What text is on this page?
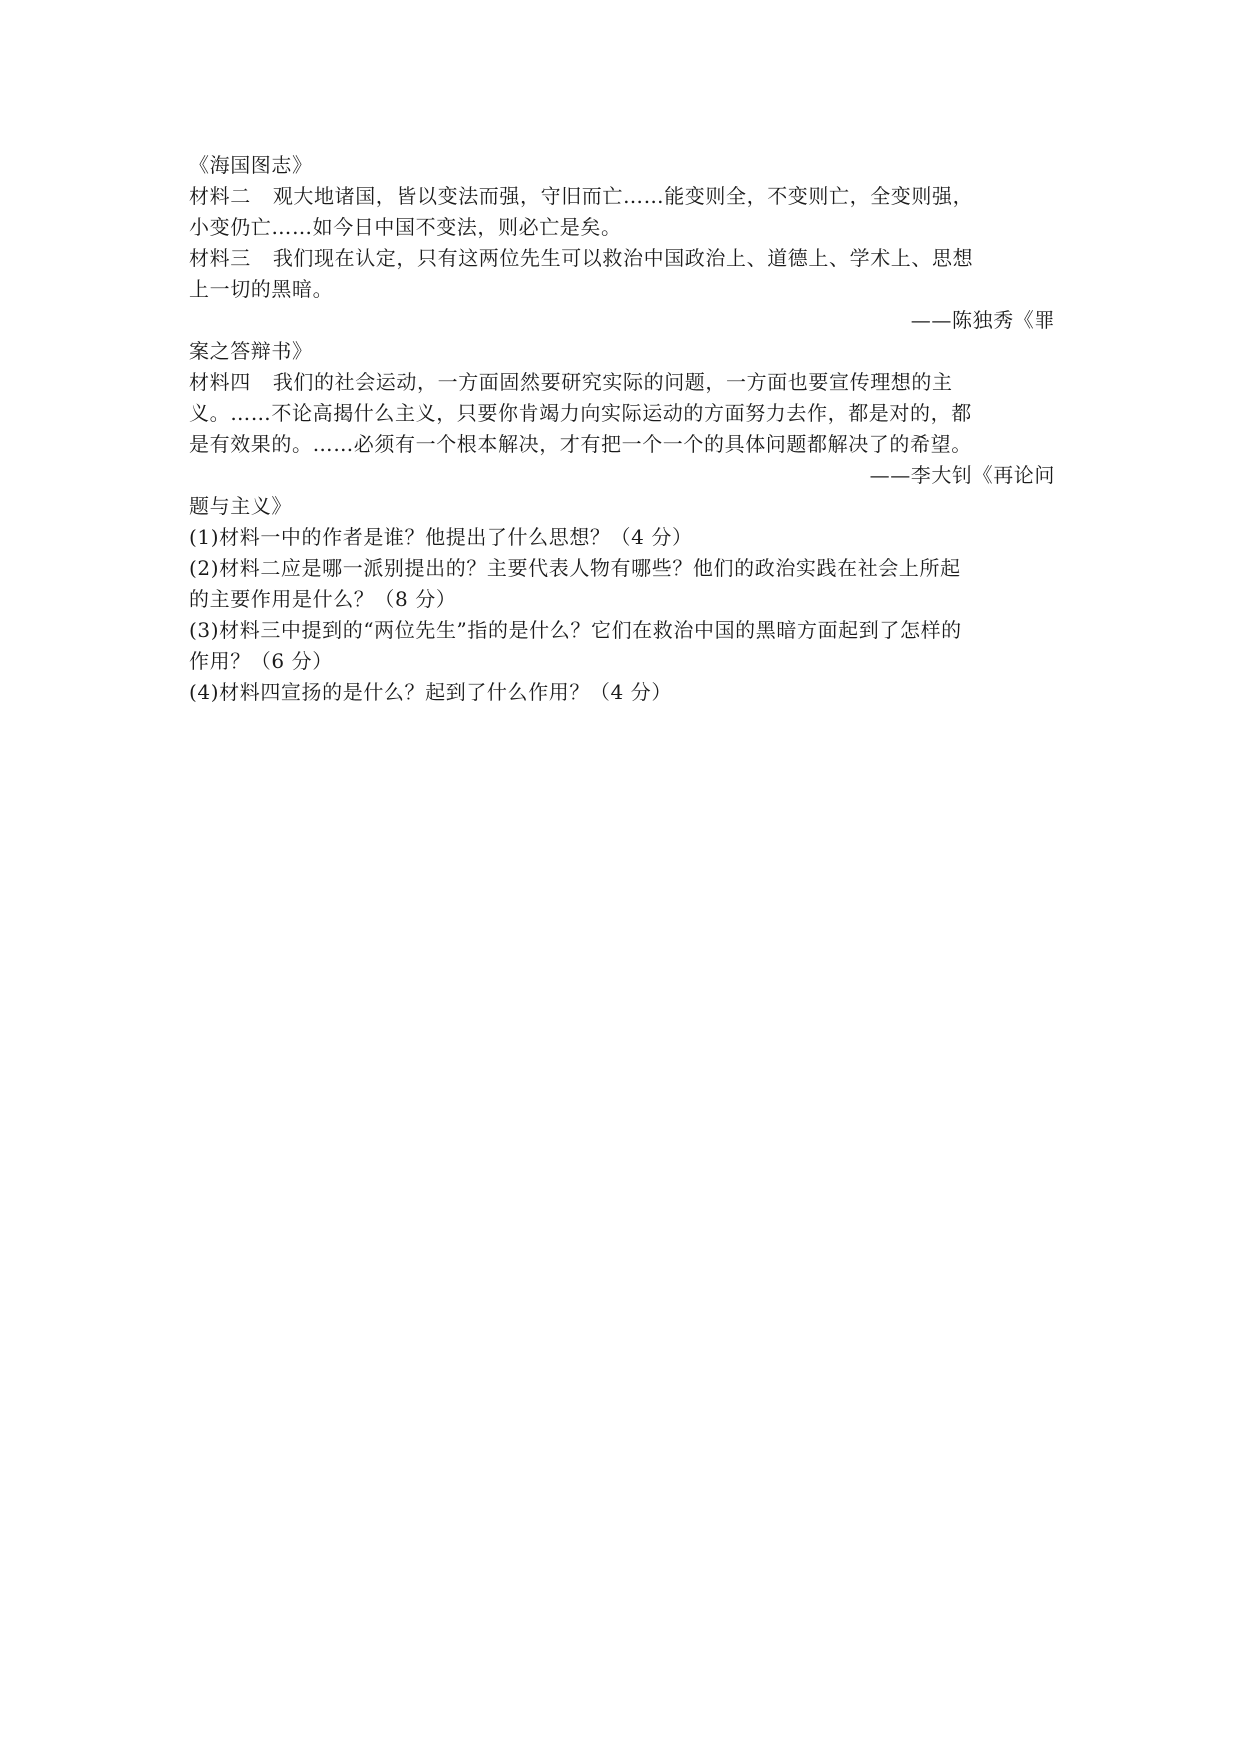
《海国图志》
材料二 观大地诸国，皆以变法而强，守旧而亡……能变则全，不变则亡，全变则强，
小变仍亡……如今日中国不变法，则必亡是矣。
材料三 我们现在认定，只有这两位先生可以救治中国政治上、道德上、学术上、思想
上一切的黑暗。
——陈独秀《罪
案之答辩书》
材料四 我们的社会运动，一方面固然要研究实际的问题，一方面也要宣传理想的主
义。……不论高揭什么主义，只要你肯竭力向实际运动的方面努力去作，都是对的，都
是有效果的。……必须有一个根本解决，才有把一个一个的具体问题都解决了的希望。
——李大钊《再论问
题与主义》
(1)材料一中的作者是谁？他提出了什么思想？（4 分）
(2)材料二应是哪一派别提出的？主要代表人物有哪些？他们的政治实践在社会上所起
的主要作用是什么？（8 分）
(3)材料三中提到的“两位先生”指的是什么？它们在救治中国的黑暗方面起到了怎样的
作用？（6 分）
(4)材料四宣扬的是什么？起到了什么作用？（4 分）
